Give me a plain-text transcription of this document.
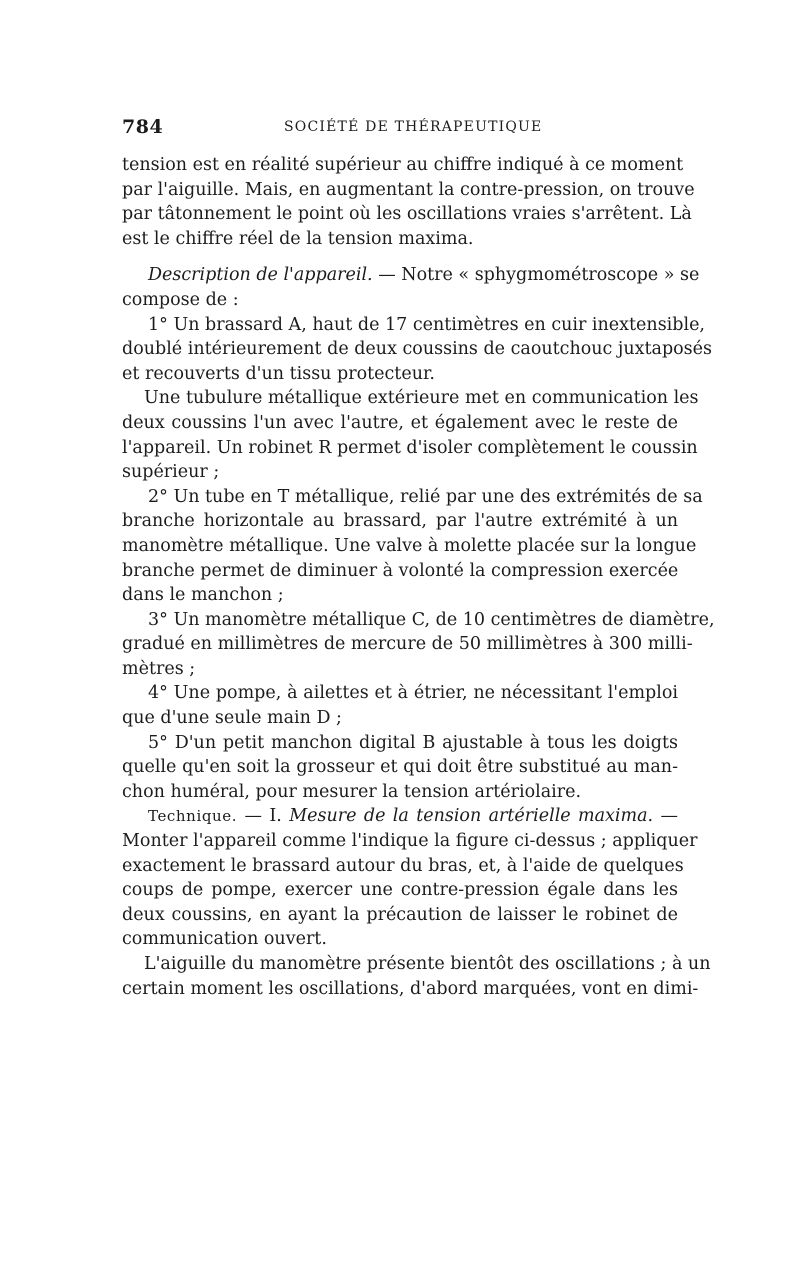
784	SOCIÉTÉ DE THÉRAPEUTIQUE
tension est en réalité supérieur au chiffre indiqué à ce moment
par l'aiguille. Mais, en augmentant la contre-pression, on trouve
par tâtonnement le point où les oscillations vraies s'arrêtent. Là
est le chiffre réel de la tension maxima.
Description de l'appareil. — Notre « sphygmométroscope » se
compose de :
1° Un brassard A, haut de 17 centimètres en cuir inextensible,
doublé intérieurement de deux coussins de caoutchouc juxtaposés
et recouverts d'un tissu protecteur.
Une tubulure métallique extérieure met en communication les
deux coussins l'un avec l'autre, et également avec le reste de
l'appareil. Un robinet R permet d'isoler complètement le coussin
supérieur ;
2° Un tube en T métallique, relié par une des extrémités de sa
branche horizontale au brassard, par l'autre extrémité à un
manomètre métallique. Une valve à molette placée sur la longue
branche permet de diminuer à volonté la compression exercée
dans le manchon ;
3° Un manomètre métallique C, de 10 centimètres de diamètre,
gradué en millimètres de mercure de 50 millimètres à 300 milli-
mètres ;
4° Une pompe, à ailettes et à étrier, ne nécessitant l'emploi
que d'une seule main D ;
5° D'un petit manchon digital B ajustable à tous les doigts
quelle qu'en soit la grosseur et qui doit être substitué au man-
chon huméral, pour mesurer la tension artériolaire.
Technique. — I. Mesure de la tension artérielle maxima. —
Monter l'appareil comme l'indique la figure ci-dessus ; appliquer
exactement le brassard autour du bras, et, à l'aide de quelques
coups de pompe, exercer une contre-pression égale dans les
deux coussins, en ayant la précaution de laisser le robinet de
communication ouvert.
L'aiguille du manomètre présente bientôt des oscillations ; à un
certain moment les oscillations, d'abord marquées, vont en dimi-
